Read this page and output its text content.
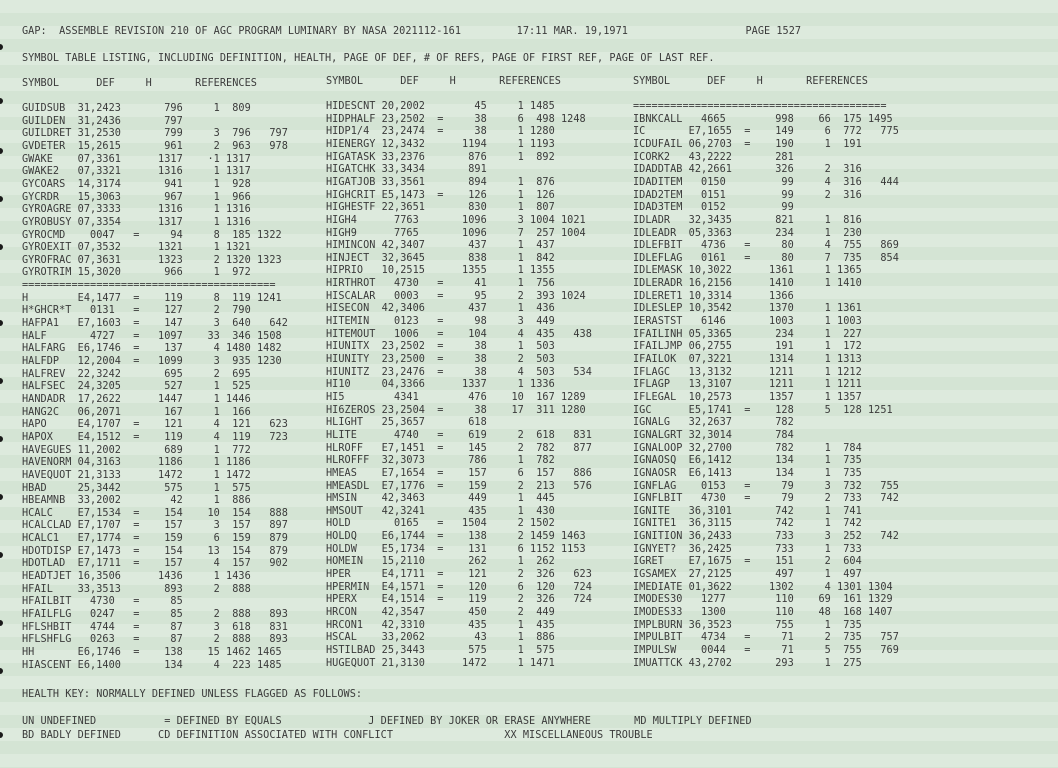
GAP:  ASSEMBLE REVISION 210 OF AGC PROGRAM LUMINARY BY NASA 2021112-161         17:11 MAR. 19,1971                   PAGE 1527
SYMBOL TABLE LISTING, INCLUDING DEFINITION, HEALTH, PAGE OF DEF, # OF REFS, PAGE OF FIRST REF, PAGE OF LAST REF.
SYMBOL      DEF     H       REFERENCES	SYMBOL      DEF     H       REFERENCES	SYMBOL      DEF     H       REFERENCES
GUIDSUB  31,2423       796     1  809
GUILDEN  31,2436       797
GUILDRET 31,2530       799     3  796   797
GVDETER  15,2615       961     2  963   978
GWAKE    07,3361      1317    ·1 1317
GWAKE2   07,3321      1316     1 1317
GYCOARS  14,3174       941     1  928
GYCRDR   15,3063       967     1  966
GYROAGRE 07,3333      1316     1 1316
GYROBUSY 07,3354      1317     1 1316
GYROCMD    0047   =     94     8  185 1322
GYROEXIT 07,3532      1321     1 1321
GYROFRAC 07,3631      1323     2 1320 1323
GYROTRIM 15,3020       966     1  972
=========================================
H        E4,1477  =    119     8  119 1241
H*GHCR*T   0131   =    127     2  790
HAFPA1   E7,1603  =    147     3  640   642
HALF       4727   =   1097    33  346 1508
HALFARG  E6,1746  =    137     4 1480 1482
HALFDP   12,2004  =   1099     3  935 1230
HALFREV  22,3242       695     2  695
HALFSEC  24,3205       527     1  525
HANDADR  17,2622      1447     1 1446
HANG2C   06,2071       167     1  166
HAPO     E4,1707  =    121     4  121   623
HAPOX    E4,1512  =    119     4  119   723
HAVEGUES 11,2002       689     1  772
HAVENORM 04,3163      1186     1 1186
HAVEQUOT 21,3133      1472     1 1472
HBAD     25,3442       575     1  575
HBEAMNB  33,2002        42     1  886
HCALC    E7,1534  =    154    10  154   888
HCALCLAD E7,1707  =    157     3  157   897
HCALC1   E7,1774  =    159     6  159   879
HDOTDISP E7,1473  =    154    13  154   879
HDOTLAD  E7,1711  =    157     4  157   902
HEADTJET 16,3506      1436     1 1436
HFAIL    33,3513       893     2  888
HFAILBIT   4730   =     85
HFAILFLG   0247   =     85     2  888   893
HFLSHBIT   4744   =     87     3  618   831
HFLSHFLG   0263   =     87     2  888   893
HH       E6,1746  =    138    15 1462 1465
HIASCENT E6,1400       134     4  223 1485
HIDESCNT 20,2002        45     1 1485
HIDPHALF 23,2502  =     38     6  498 1248
HIDP1/4  23,2474  =     38     1 1280
HIENERGY 12,3432      1194     1 1193
HIGATASK 33,2376       876     1  892
HIGATCHK 33,3434       891
HIGATJOB 33,3561       894     1  876
HIGHCRIT E5,1473  =    126     1  126
HIGHESTF 22,3651       830     1  807
HIGH4      7763       1096     3 1004 1021
HIGH9      7765       1096     7  257 1004
HIMINCON 42,3407       437     1  437
HINJECT  32,3645       838     1  842
HIPRIO   10,2515      1355     1 1355
HIRTHROT   4730   =     41     1  756
HISCALAR   0003   =     95     2  393 1024
HISECON  42,3406       437     1  436
HITEMIN    0123   =     98     3  449
HITEMOUT   1006   =    104     4  435   438
HIUNITX  23,2502  =     38     1  503
HIUNITY  23,2500  =     38     2  503
HIUNITZ  23,2476  =     38     4  503   534
HI10     04,3366      1337     1 1336
HI5        4341        476    10  167 1289
HI6ZEROS 23,2504  =     38    17  311 1280
HLIGHT   25,3657       618
HLITE      4740   =    619     2  618   831
HLROFF   E7,1451  =    145     2  782   877
HLROFFF  32,3073       786     1  782
HMEAS    E7,1654  =    157     6  157   886
HMEASDL  E7,1776  =    159     2  213   576
HMSIN    42,3463       449     1  445
HMSOUT   42,3241       435     1  430
HOLD       0165   =   1504     2 1502
HOLDQ    E6,1744  =    138     2 1459 1463
HOLDW    E5,1734  =    131     6 1152 1153
HOMEIN   15,2110       262     1  262
HPER     E4,1711  =    121     2  326   623
HPERMIN  E4,1571  =    120     6  120   724
HPERX    E4,1514  =    119     2  326   724
HRCON    42,3547       450     2  449
HRCON1   42,3310       435     1  435
HSCAL    33,2062        43     1  886
HSTILBAD 25,3443       575     1  575
HUGEQUOT 21,3130      1472     1 1471
=========================================
IBNKCALL   4665        998    66  175 1495
IC       E7,1655  =    149     6  772   775
ICDUFAIL 06,2703  =    190     1  191
ICORK2   43,2222       281
IDADDTAB 42,2661       326     2  316
IDADITEM   0150         99     4  316   444
IDAD2TEM   0151         99     2  316
IDAD3TEM   0152         99
IDLADR   32,3435       821     1  816
IDLEADR  05,3363       234     1  230
IDLEFBIT   4736   =     80     4  755   869
IDLEFLAG   0161   =     80     7  735   854
IDLEMASK 10,3022      1361     1 1365
IDLERADR 16,2156      1410     1 1410
IDLERET1 10,3314      1366
IDLESLEP 10,3542      1370     1 1361
IERASTST   6146       1003     1 1003
IFAILINH 05,3365       234     1  227
IFAILJMP 06,2755       191     1  172
IFAILOK  07,3221      1314     1 1313
IFLAGC   13,3132      1211     1 1212
IFLAGP   13,3107      1211     1 1211
IFLEGAL  10,2573      1357     1 1357
IGC      E5,1741  =    128     5  128 1251
IGNALG   32,2637       782
IGNALGRT 32,3014       784
IGNALOOP 32,2700       782     1  784
IGNAOSQ  E6,1412       134     1  735
IGNAOSR  E6,1413       134     1  735
IGNFLAG    0153   =     79     3  732   755
IGNFLBIT   4730   =     79     2  733   742
IGNITE   36,3101       742     1  741
IGNITE1  36,3115       742     1  742
IGNITION 36,2433       733     3  252   742
IGNYET?  36,2425       733     1  733
IGRET    E7,1675  =    151     2  604
IGSAMEX  27,2125       497     1  497
IMEDIATE 01,3622      1302     4 1301 1304
IMODES30   1277        110    69  161 1329
IMODES33   1300        110    48  168 1407
IMPLBURN 36,3523       755     1  735
IMPULBIT   4734   =     71     2  735   757
IMPULSW    0044   =     71     5  755   769
IMUATTCK 43,2702       293     1  275
HEALTH KEY: NORMALLY DEFINED UNLESS FLAGGED AS FOLLOWS:
UN UNDEFINED           = DEFINED BY EQUALS              J DEFINED BY JOKER OR ERASE ANYWHERE       MD MULTIPLY DEFINED
BD BADLY DEFINED      CD DEFINITION ASSOCIATED WITH CONFLICT                  XX MISCELLANEOUS TROUBLE
